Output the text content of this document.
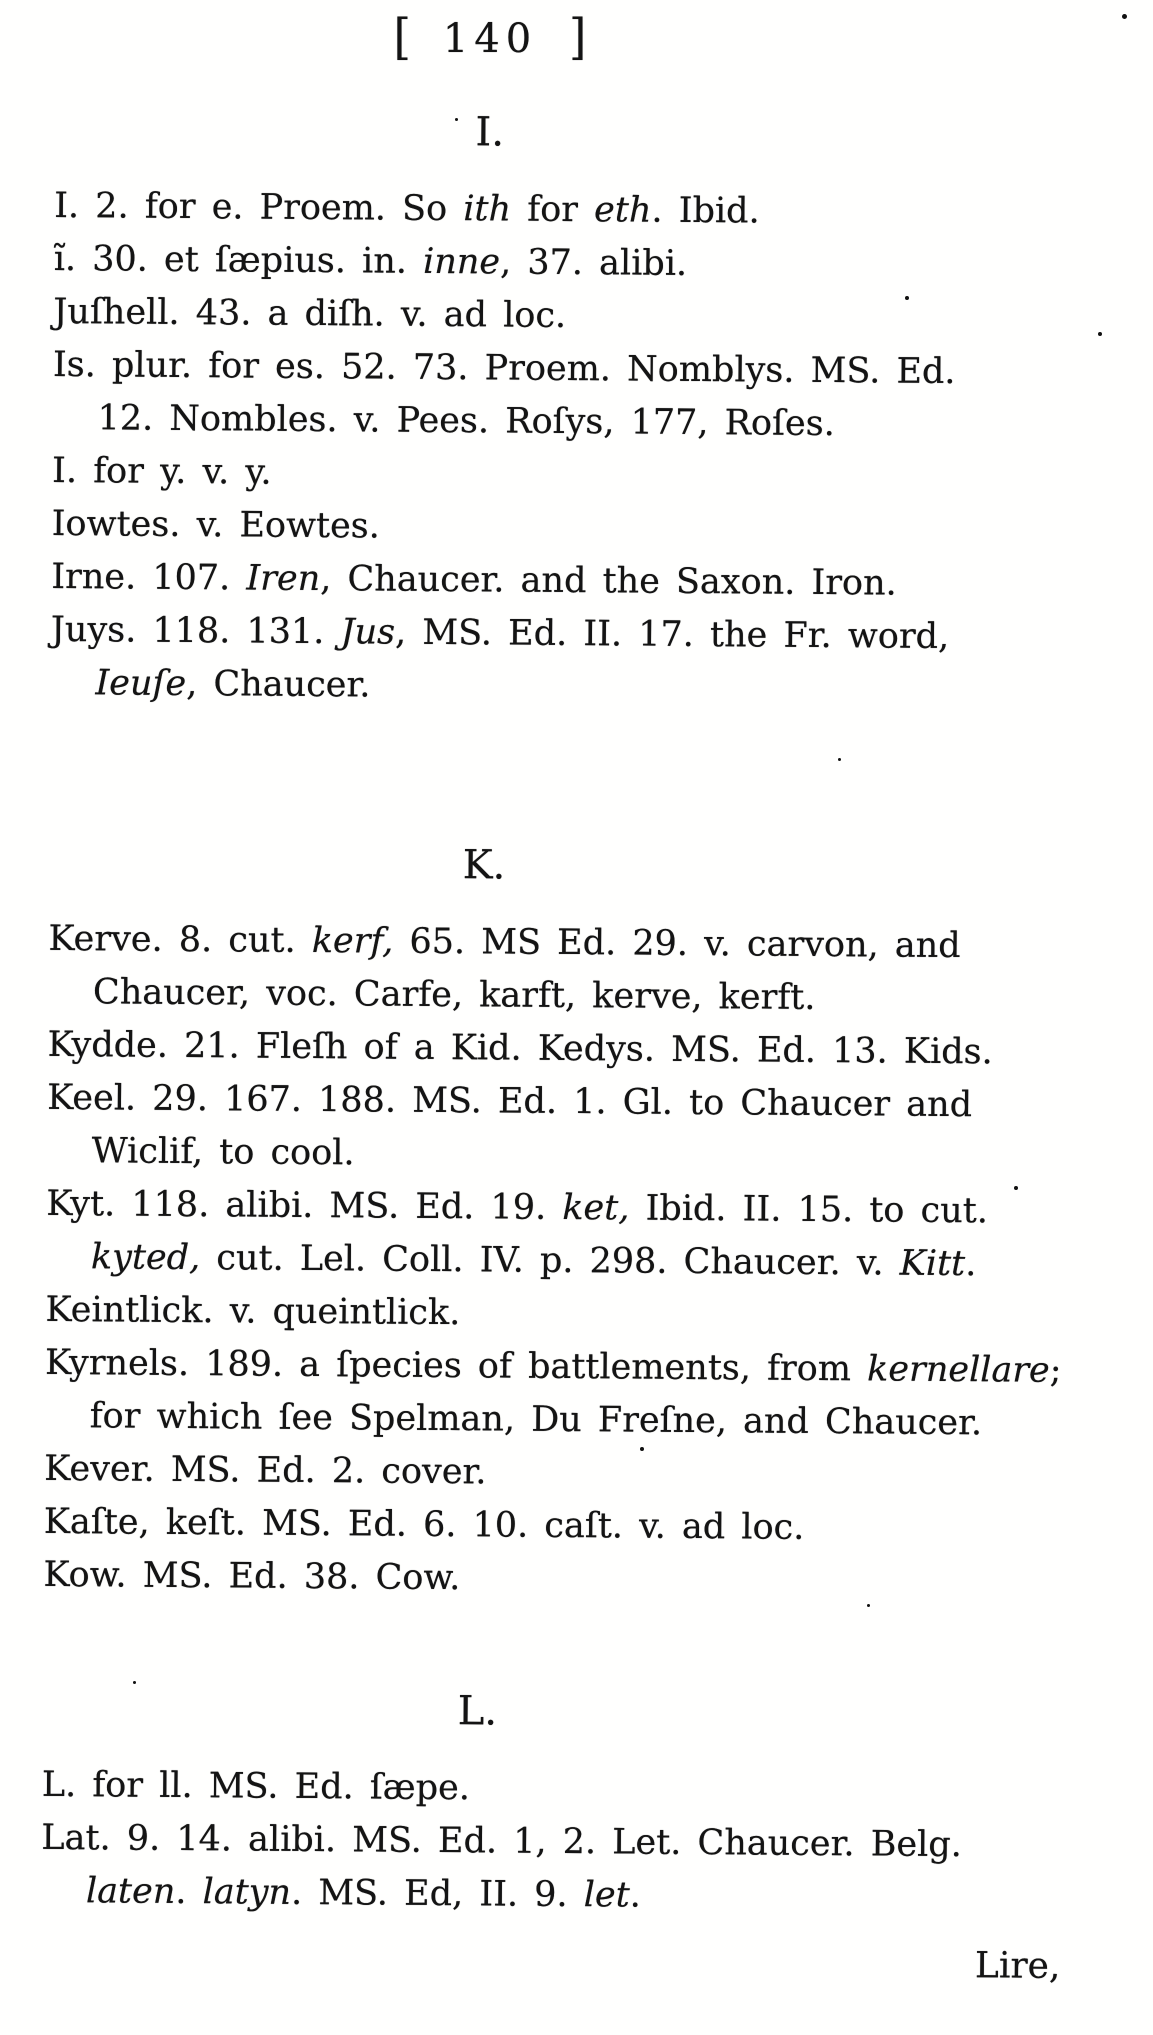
[ 140 ]
I.
I. 2. for e. Proem. So ith for eth. Ibid.
ĩ. 30. et ſæpius. in. inne, 37. alibi.
Juſhell. 43. a diſh. v. ad loc.
Is. plur. for es. 52. 73. Proem. Nomblys. MS. Ed.
12. Nombles. v. Pees. Roſys, 177, Roſes.
I. for y. v. y.
Iowtes. v. Eowtes.
Irne. 107. Iren, Chaucer. and the Saxon. Iron.
Juys. 118. 131. Jus, MS. Ed. II. 17. the Fr. word,
Ieuſe, Chaucer.
K.
Kerve. 8. cut. kerf, 65. MS Ed. 29. v. carvon, and
Chaucer, voc. Carfe, karft, kerve, kerft.
Kydde. 21. Fleſh of a Kid. Kedys. MS. Ed. 13. Kids.
Keel. 29. 167. 188. MS. Ed. 1. Gl. to Chaucer and
Wiclif, to cool.
Kyt. 118. alibi. MS. Ed. 19. ket, Ibid. II. 15. to cut.
kyted, cut. Lel. Coll. IV. p. 298. Chaucer. v. Kitt.
Keintlick. v. queintlick.
Kyrnels. 189. a ſpecies of battlements, from kernellare;
for which ſee Spelman, Du Freſne, and Chaucer.
Kever. MS. Ed. 2. cover.
Kaſte, keſt. MS. Ed. 6. 10. caſt. v. ad loc.
Kow. MS. Ed. 38. Cow.
L.
L. for ll. MS. Ed. ſæpe.
Lat. 9. 14. alibi. MS. Ed. 1, 2. Let. Chaucer. Belg.
laten. latyn. MS. Ed, II. 9. let.
Lire,
